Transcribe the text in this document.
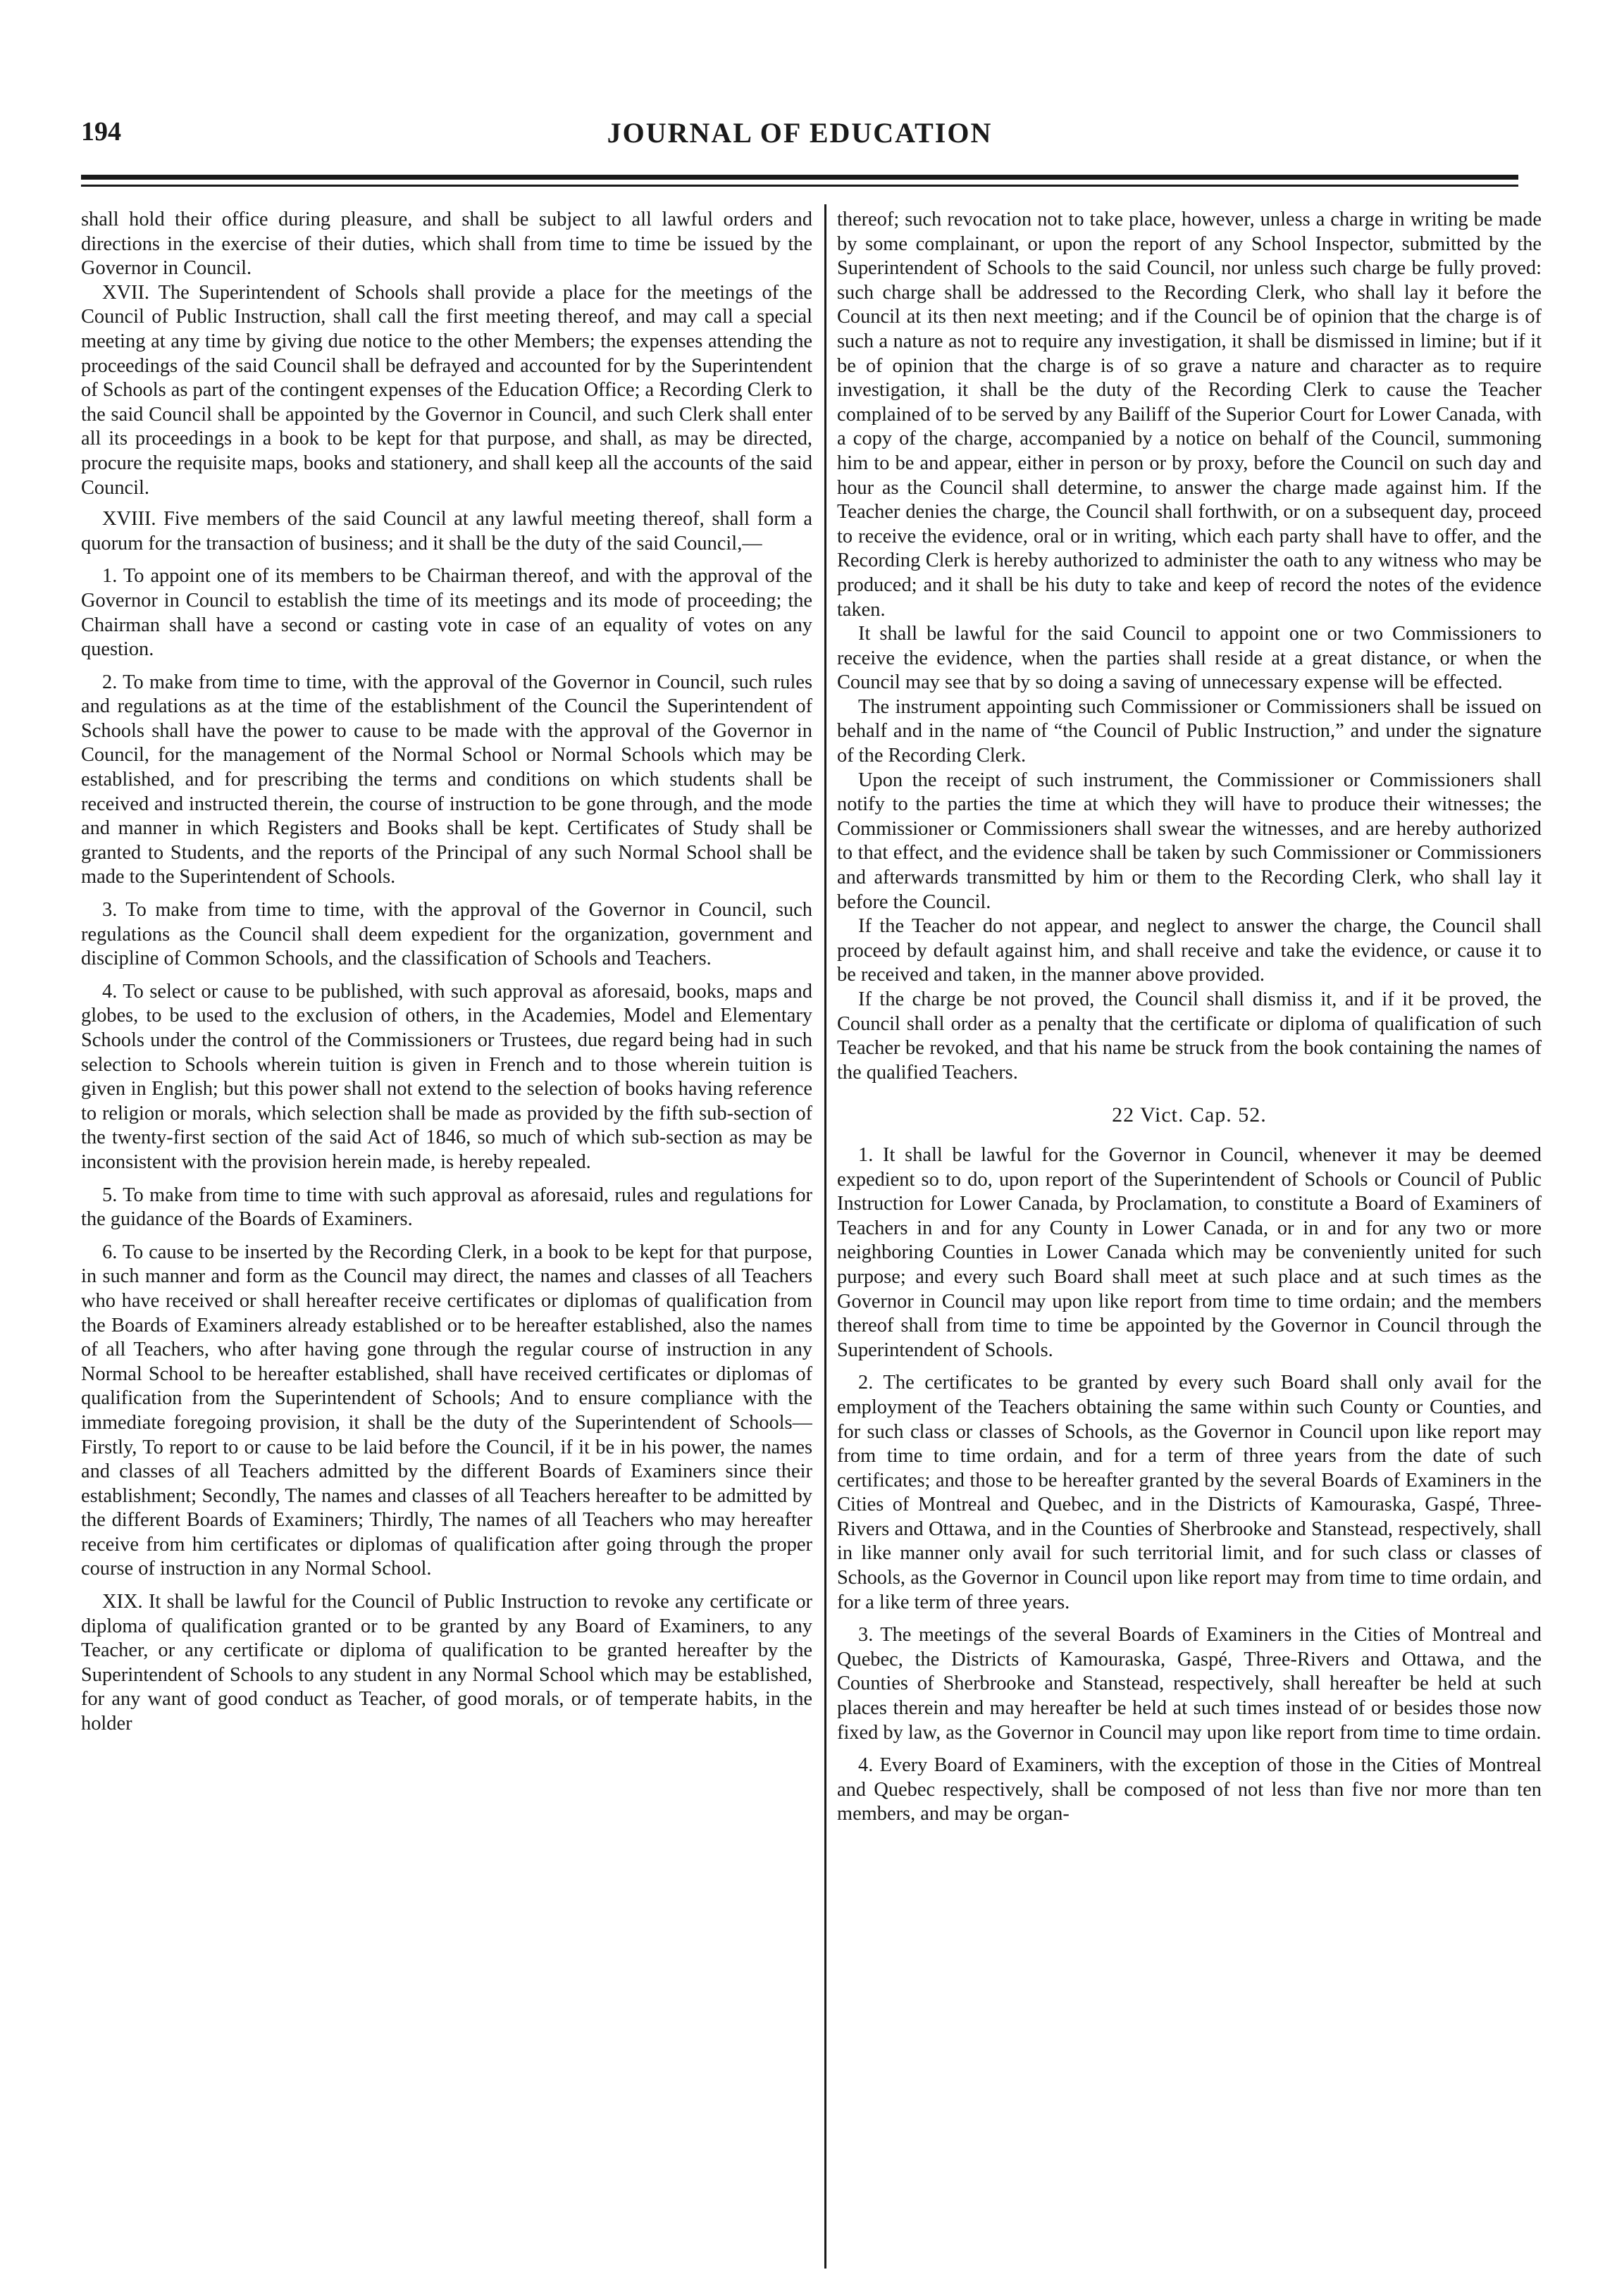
194	JOURNAL OF EDUCATION

shall hold their office during pleasure, and shall be subject to all lawful orders and directions in the exercise of their duties, which shall from time to time be issued by the Governor in Council.

XVII. The Superintendent of Schools shall provide a place for the meetings of the Council of Public Instruction, shall call the first meeting thereof, and may call a special meeting at any time by giving due notice to the other Members; the expenses attending the proceedings of the said Council shall be defrayed and accounted for by the Superintendent of Schools as part of the contingent expenses of the Education Office; a Recording Clerk to the said Council shall be appointed by the Governor in Council, and such Clerk shall enter all its proceedings in a book to be kept for that purpose, and shall, as may be directed, procure the requisite maps, books and stationery, and shall keep all the accounts of the said Council.

XVIII. Five members of the said Council at any lawful meeting thereof, shall form a quorum for the transaction of business; and it shall be the duty of the said Council,—

1. To appoint one of its members to be Chairman thereof, and with the approval of the Governor in Council to establish the time of its meetings and its mode of proceeding; the Chairman shall have a second or casting vote in case of an equality of votes on any question.

2. To make from time to time, with the approval of the Governor in Council, such rules and regulations as at the time of the establishment of the Council the Superintendent of Schools shall have the power to cause to be made with the approval of the Governor in Council, for the management of the Normal School or Normal Schools which may be established, and for prescribing the terms and conditions on which students shall be received and instructed therein, the course of instruction to be gone through, and the mode and manner in which Registers and Books shall be kept. Certificates of Study shall be granted to Students, and the reports of the Principal of any such Normal School shall be made to the Superintendent of Schools.

3. To make from time to time, with the approval of the Governor in Council, such regulations as the Council shall deem expedient for the organization, government and discipline of Common Schools, and the classification of Schools and Teachers.

4. To select or cause to be published, with such approval as aforesaid, books, maps and globes, to be used to the exclusion of others, in the Academies, Model and Elementary Schools under the control of the Commissioners or Trustees, due regard being had in such selection to Schools wherein tuition is given in French and to those wherein tuition is given in English; but this power shall not extend to the selection of books having reference to religion or morals, which selection shall be made as provided by the fifth sub-section of the twenty-first section of the said Act of 1846, so much of which sub-section as may be inconsistent with the provision herein made, is hereby repealed.

5. To make from time to time with such approval as aforesaid, rules and regulations for the guidance of the Boards of Examiners.

6. To cause to be inserted by the Recording Clerk, in a book to be kept for that purpose, in such manner and form as the Council may direct, the names and classes of all Teachers who have received or shall hereafter receive certificates or diplomas of qualification from the Boards of Examiners already established or to be hereafter established, also the names of all Teachers, who after having gone through the regular course of instruction in any Normal School to be hereafter established, shall have received certificates or diplomas of qualification from the Superintendent of Schools; And to ensure compliance with the immediate foregoing provision, it shall be the duty of the Superintendent of Schools—Firstly, To report to or cause to be laid before the Council, if it be in his power, the names and classes of all Teachers admitted by the different Boards of Examiners since their establishment; Secondly, The names and classes of all Teachers hereafter to be admitted by the different Boards of Examiners; Thirdly, The names of all Teachers who may hereafter receive from him certificates or diplomas of qualification after going through the proper course of instruction in any Normal School.

XIX. It shall be lawful for the Council of Public Instruction to revoke any certificate or diploma of qualification granted or to be granted by any Board of Examiners, to any Teacher, or any certificate or diploma of qualification to be granted hereafter by the Superintendent of Schools to any student in any Normal School which may be established, for any want of good conduct as Teacher, of good morals, or of temperate habits, in the holder

thereof; such revocation not to take place, however, unless a charge in writing be made by some complainant, or upon the report of any School Inspector, submitted by the Superintendent of Schools to the said Council, nor unless such charge be fully proved: such charge shall be addressed to the Recording Clerk, who shall lay it before the Council at its then next meeting; and if the Council be of opinion that the charge is of such a nature as not to require any investigation, it shall be dismissed in limine; but if it be of opinion that the charge is of so grave a nature and character as to require investigation, it shall be the duty of the Recording Clerk to cause the Teacher complained of to be served by any Bailiff of the Superior Court for Lower Canada, with a copy of the charge, accompanied by a notice on behalf of the Council, summoning him to be and appear, either in person or by proxy, before the Council on such day and hour as the Council shall determine, to answer the charge made against him. If the Teacher denies the charge, the Council shall forthwith, or on a subsequent day, proceed to receive the evidence, oral or in writing, which each party shall have to offer, and the Recording Clerk is hereby authorized to administer the oath to any witness who may be produced; and it shall be his duty to take and keep of record the notes of the evidence taken.

It shall be lawful for the said Council to appoint one or two Commissioners to receive the evidence, when the parties shall reside at a great distance, or when the Council may see that by so doing a saving of unnecessary expense will be effected.

The instrument appointing such Commissioner or Commissioners shall be issued on behalf and in the name of “the Council of Public Instruction,” and under the signature of the Recording Clerk.

Upon the receipt of such instrument, the Commissioner or Commissioners shall notify to the parties the time at which they will have to produce their witnesses; the Commissioner or Commissioners shall swear the witnesses, and are hereby authorized to that effect, and the evidence shall be taken by such Commissioner or Commissioners and afterwards transmitted by him or them to the Recording Clerk, who shall lay it before the Council.

If the Teacher do not appear, and neglect to answer the charge, the Council shall proceed by default against him, and shall receive and take the evidence, or cause it to be received and taken, in the manner above provided.

If the charge be not proved, the Council shall dismiss it, and if it be proved, the Council shall order as a penalty that the certificate or diploma of qualification of such Teacher be revoked, and that his name be struck from the book containing the names of the qualified Teachers.

22 Vict. Cap. 52.

1. It shall be lawful for the Governor in Council, whenever it may be deemed expedient so to do, upon report of the Superintendent of Schools or Council of Public Instruction for Lower Canada, by Proclamation, to constitute a Board of Examiners of Teachers in and for any County in Lower Canada, or in and for any two or more neighboring Counties in Lower Canada which may be conveniently united for such purpose; and every such Board shall meet at such place and at such times as the Governor in Council may upon like report from time to time ordain; and the members thereof shall from time to time be appointed by the Governor in Council through the Superintendent of Schools.

2. The certificates to be granted by every such Board shall only avail for the employment of the Teachers obtaining the same within such County or Counties, and for such class or classes of Schools, as the Governor in Council upon like report may from time to time ordain, and for a term of three years from the date of such certificates; and those to be hereafter granted by the several Boards of Examiners in the Cities of Montreal and Quebec, and in the Districts of Kamouraska, Gaspé, Three-Rivers and Ottawa, and in the Counties of Sherbrooke and Stanstead, respectively, shall in like manner only avail for such territorial limit, and for such class or classes of Schools, as the Governor in Council upon like report may from time to time ordain, and for a like term of three years.

3. The meetings of the several Boards of Examiners in the Cities of Montreal and Quebec, the Districts of Kamouraska, Gaspé, Three-Rivers and Ottawa, and the Counties of Sherbrooke and Stanstead, respectively, shall hereafter be held at such places therein and may hereafter be held at such times instead of or besides those now fixed by law, as the Governor in Council may upon like report from time to time ordain.

4. Every Board of Examiners, with the exception of those in the Cities of Montreal and Quebec respectively, shall be composed of not less than five nor more than ten members, and may be organ-
